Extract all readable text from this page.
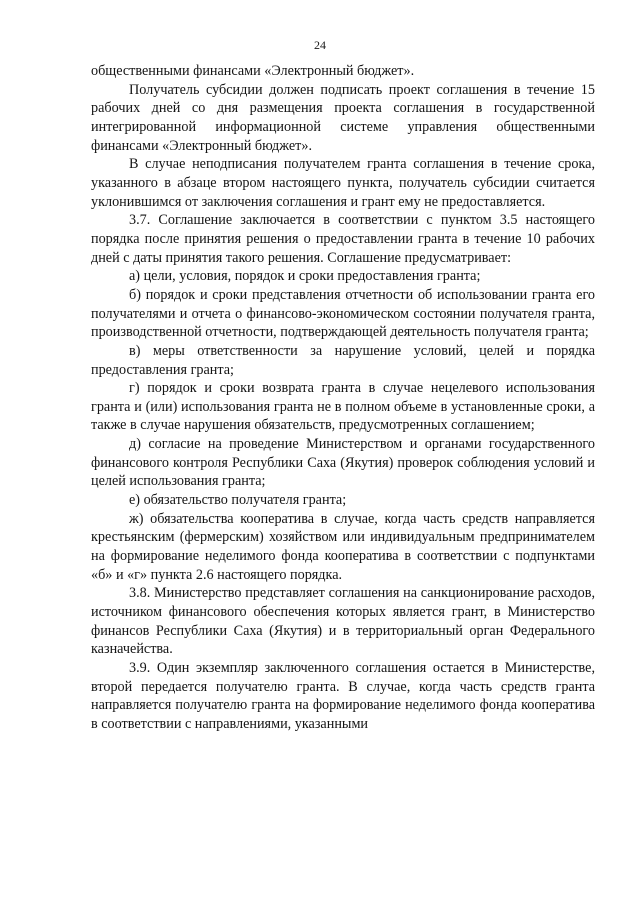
24

общественными финансами «Электронный бюджет».

Получатель субсидии должен подписать проект соглашения в течение 15 рабочих дней со дня размещения проекта соглашения в государственной интегрированной информационной системе управления общественными финансами «Электронный бюджет».

В случае неподписания получателем гранта соглашения в течение срока, указанного в абзаце втором настоящего пункта, получатель субсидии считается уклонившимся от заключения соглашения и грант ему не предоставляется.

3.7. Соглашение заключается в соответствии с пунктом 3.5 настоящего порядка после принятия решения о предоставлении гранта в течение 10 рабочих дней с даты принятия такого решения. Соглашение предусматривает:

а) цели, условия, порядок и сроки предоставления гранта;

б) порядок и сроки представления отчетности об использовании гранта его получателями и отчета о финансово-экономическом состоянии получателя гранта, производственной отчетности, подтверждающей деятельность получателя гранта;

в) меры ответственности за нарушение условий, целей и порядка предоставления гранта;

г) порядок и сроки возврата гранта в случае нецелевого использования гранта и (или) использования гранта не в полном объеме в установленные сроки, а также в случае нарушения обязательств, предусмотренных соглашением;

д) согласие на проведение Министерством и органами государственного финансового контроля Республики Саха (Якутия) проверок соблюдения условий и целей использования гранта;

е) обязательство получателя гранта;

ж) обязательства кооператива в случае, когда часть средств направляется крестьянским (фермерским) хозяйством или индивидуальным предпринимателем на формирование неделимого фонда кооператива в соответствии с подпунктами «б» и «г» пункта 2.6 настоящего порядка.

3.8. Министерство представляет соглашения на санкционирование расходов, источником финансового обеспечения которых является грант, в Министерство финансов Республики Саха (Якутия) и в территориальный орган Федерального казначейства.

3.9. Один экземпляр заключенного соглашения остается в Министерстве, второй передается получателю гранта. В случае, когда часть средств гранта направляется получателю гранта на формирование неделимого фонда кооператива в соответствии с направлениями, указанными
